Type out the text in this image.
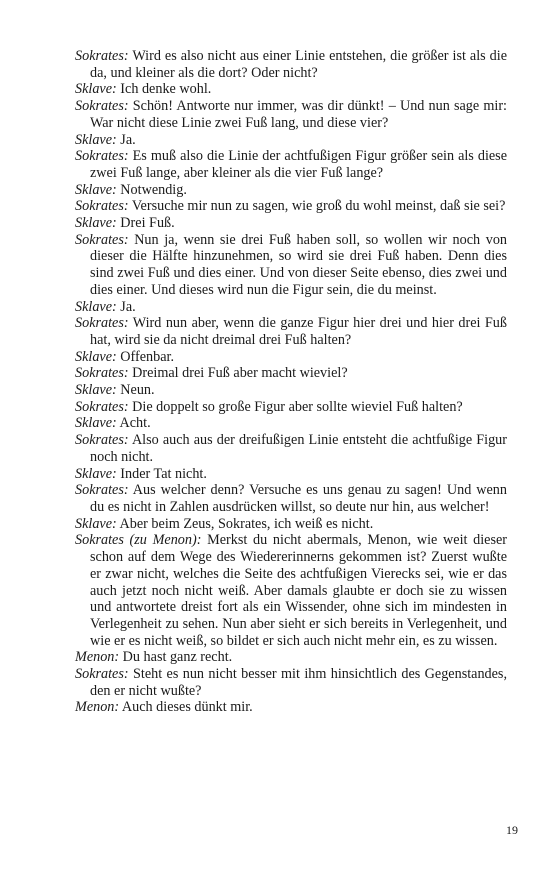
Sokrates: Wird es also nicht aus einer Linie entstehen, die größer ist als die da, und kleiner als die dort? Oder nicht?

Sklave: Ich denke wohl.

Sokrates: Schön! Antworte nur immer, was dir dünkt! – Und nun sage mir: War nicht diese Linie zwei Fuß lang, und diese vier?

Sklave: Ja.

Sokrates: Es muß also die Linie der achtfußigen Figur größer sein als diese zwei Fuß lange, aber kleiner als die vier Fuß lange?

Sklave: Notwendig.

Sokrates: Versuche mir nun zu sagen, wie groß du wohl meinst, daß sie sei?

Sklave: Drei Fuß.

Sokrates: Nun ja, wenn sie drei Fuß haben soll, so wollen wir noch von dieser die Hälfte hinzunehmen, so wird sie drei Fuß haben. Denn dies sind zwei Fuß und dies einer. Und von dieser Seite ebenso, dies zwei und dies einer. Und dieses wird nun die Figur sein, die du meinst.

Sklave: Ja.

Sokrates: Wird nun aber, wenn die ganze Figur hier drei und hier drei Fuß hat, wird sie da nicht dreimal drei Fuß halten?

Sklave: Offenbar.

Sokrates: Dreimal drei Fuß aber macht wieviel?

Sklave: Neun.

Sokrates: Die doppelt so große Figur aber sollte wieviel Fuß halten?

Sklave: Acht.

Sokrates: Also auch aus der dreifußigen Linie entsteht die achtfußige Figur noch nicht.

Sklave: Inder Tat nicht.

Sokrates: Aus welcher denn? Versuche es uns genau zu sagen! Und wenn du es nicht in Zahlen ausdrücken willst, so deute nur hin, aus welcher!

Sklave: Aber beim Zeus, Sokrates, ich weiß es nicht.

Sokrates (zu Menon): Merkst du nicht abermals, Menon, wie weit dieser schon auf dem Wege des Wiedererinnerns gekommen ist? Zuerst wußte er zwar nicht, welches die Seite des achtfußigen Vierecks sei, wie er das auch jetzt noch nicht weiß. Aber damals glaubte er doch sie zu wissen und antwortete dreist fort als ein Wissender, ohne sich im mindesten in Verlegenheit zu sehen. Nun aber sieht er sich bereits in Verlegenheit, und wie er es nicht weiß, so bildet er sich auch nicht mehr ein, es zu wissen.

Menon: Du hast ganz recht.

Sokrates: Steht es nun nicht besser mit ihm hinsichtlich des Gegenstandes, den er nicht wußte?

Menon: Auch dieses dünkt mir.

19
